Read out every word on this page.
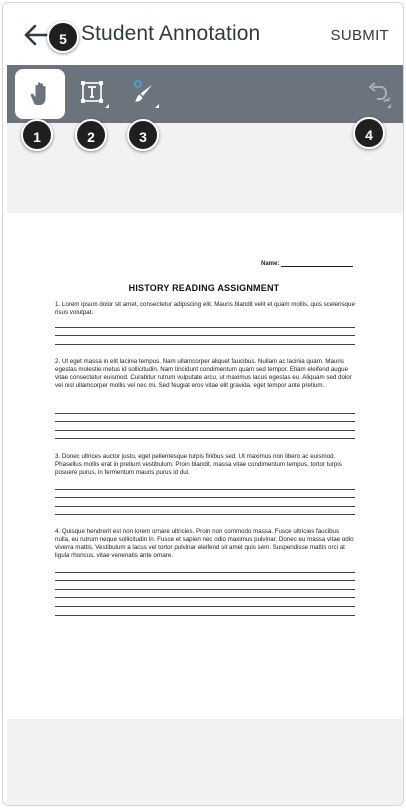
Student Annotation	SUBMIT
Name:
HISTORY READING ASSIGNMENT
1. Lorem ipsum dolor sit amet, consectetur adipiscing elit. Mauris blandit velit et quam mollis, quis scelerisque risus volutpat.
2. Ut eget massa in elit lacinia tempus. Nam ullamcorper aliquet faucibus. Nullam ac lacinia quam. Mauris egestas molestie metus id sollicitudin. Nam tincidunt condimentum quam sed tempor. Etiam eleifend augue vitae consectetur euismod. Curabitur rutrum vulputate arcu, ut maximus lacus egestas eu. Aliquam sed dolor vel nisl ullamcorper mollis vel nec mi. Sed feugiat eros vitae elit gravida, eget tempor ante pretium.
3. Donec ultrices auctor justo, eget pellentesque turpis finibus sed. Ut maximus non libero ac euismod. Phasellus mollis erat in pretium vestibulum. Proin blandit, massa vitae condimentum tempus, tortor turpis posuere purus, in fermentum mauris purus id dui.
4. Quisque hendrerit est non lorem ornare ultricies. Proin non commodo massa. Fusce ultricies faucibus nulla, eu rutrum neque sollicitudin in. Fusce et sapien nec odio maximus pulvinar. Donec eu massa vitae odio viverra mattis. Vestibulum a lacus vel tortor pulvinar eleifend sit amet quis sem. Suspendisse mattis orci at ligula rhoncus, vitae venenatis ante ornare.
5
1	2	3	4
